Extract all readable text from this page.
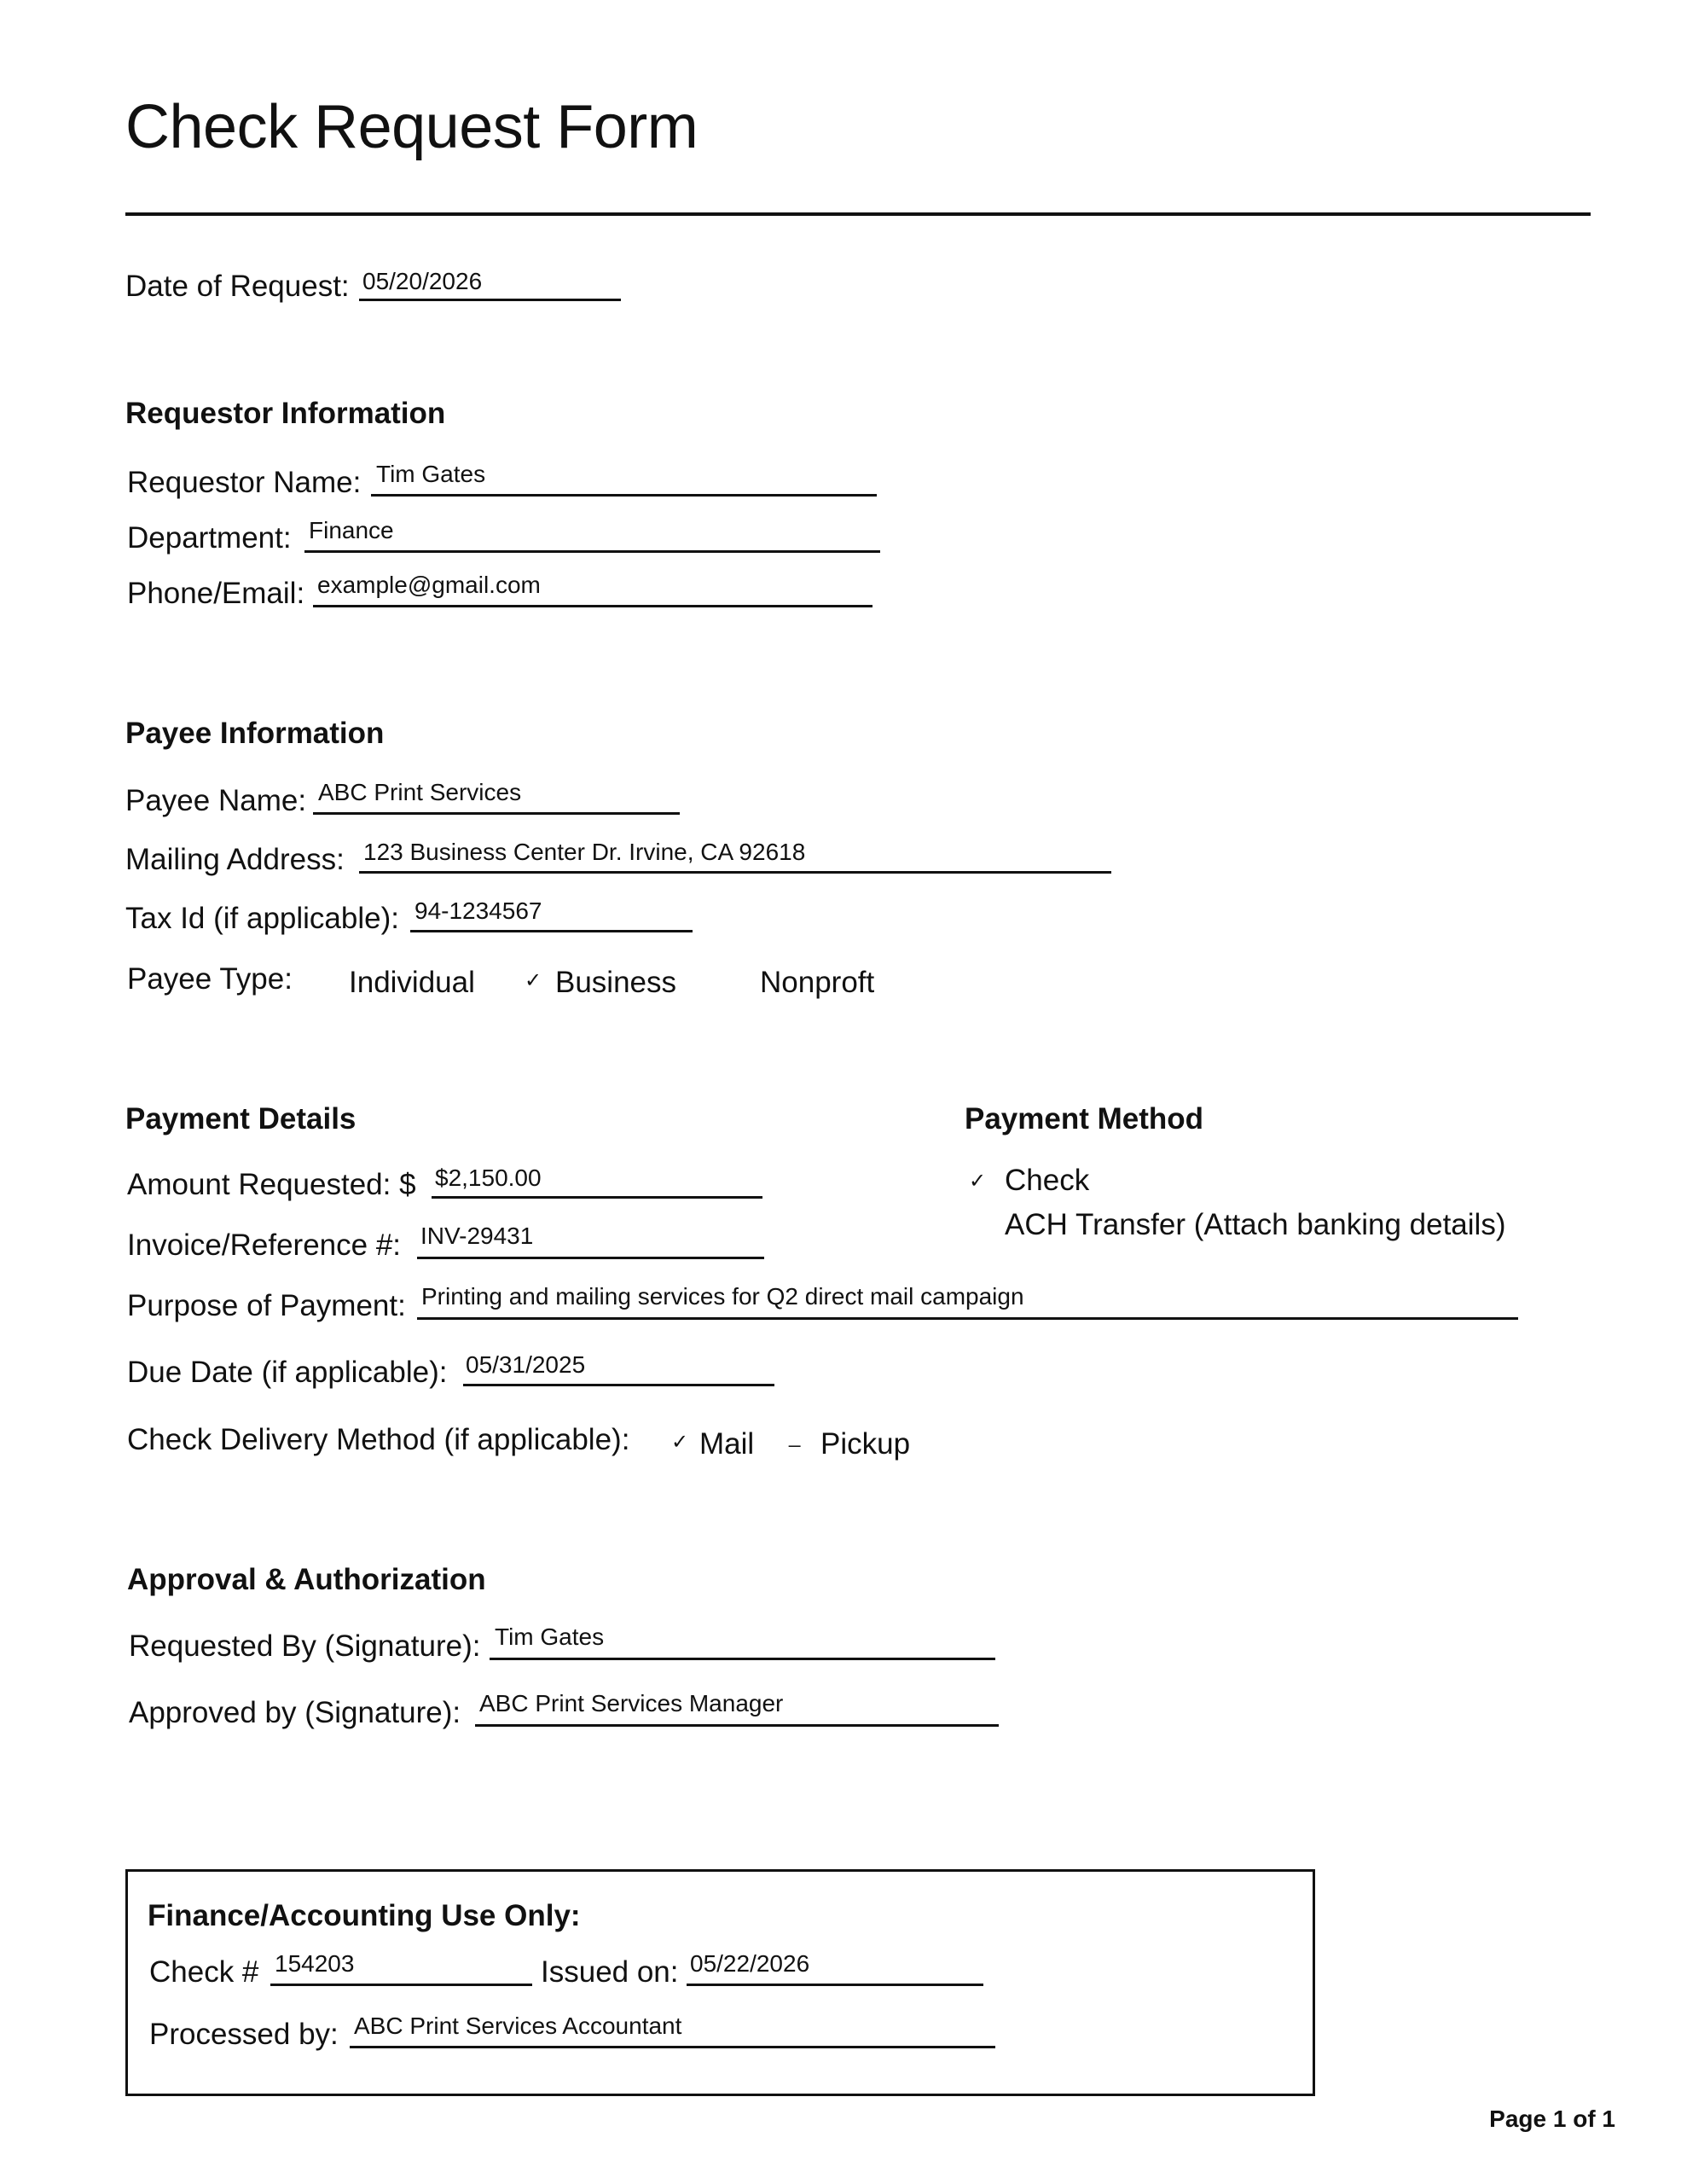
Check Request Form
Date of Request: 05/20/2026
Requestor Information
Requestor Name: Tim Gates
Department: Finance
Phone/Email: example@gmail.com
Payee Information
Payee Name: ABC Print Services
Mailing Address: 123 Business Center Dr. Irvine, CA 92618
Tax Id (if applicable): 94-1234567
Payee Type: Individual ✓ Business	Nonproft
Payment Details
Amount Requested: $ $2,150.00
Invoice/Reference #: INV-29431
Purpose of Payment: Printing and mailing services for Q2 direct mail campaign
Due Date (if applicable): 05/31/2025
Check Delivery Method (if applicable): ✓ Mail _ Pickup
Payment Method
✓ Check
ACH Transfer (Attach banking details)
Approval & Authorization
Requested By (Signature): Tim Gates
Approved by (Signature): ABC Print Services Manager
Finance/Accounting Use Only:
Check # 154203	Issued on: 05/22/2026
Processed by: ABC Print Services Accountant
Page 1 of 1
